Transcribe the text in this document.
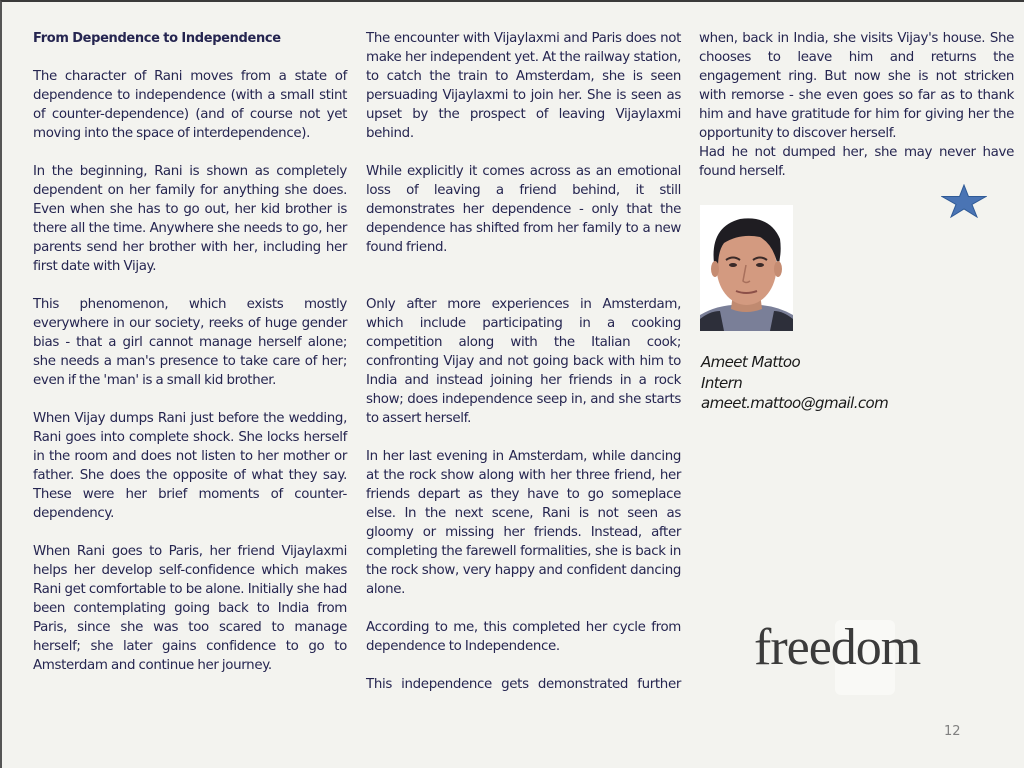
From Dependence to Independence

The character of Rani moves from a state of dependence to independence (with a small stint of counter-dependence) (and of course not yet moving into the space of interdependence).

In the beginning, Rani is shown as completely dependent on her family for anything she does. Even when she has to go out, her kid brother is there all the time. Anywhere she needs to go, her parents send her brother with her, including her first date with Vijay.

This phenomenon, which exists mostly everywhere in our society, reeks of huge gender bias - that a girl cannot manage herself alone; she needs a man's presence to take care of her; even if the 'man' is a small kid brother.

When Vijay dumps Rani just before the wedding, Rani goes into complete shock. She locks herself in the room and does not listen to her mother or father. She does the opposite of what they say. These were her brief moments of counter-dependency.

When Rani goes to Paris, her friend Vijaylaxmi helps her develop self-confidence which makes Rani get comfortable to be alone. Initially she had been contemplating going back to India from Paris, since she was too scared to manage herself; she later gains confidence to go to Amsterdam and continue her journey.

The encounter with Vijaylaxmi and Paris does not make her independent yet. At the railway station, to catch the train to Amsterdam, she is seen persuading Vijaylaxmi to join her. She is seen as upset by the prospect of leaving Vijaylaxmi behind.

While explicitly it comes across as an emotional loss of leaving a friend behind, it still demonstrates her dependence - only that the dependence has shifted from her family to a new found friend.

Only after more experiences in Amsterdam, which include participating in a cooking competition along with the Italian cook; confronting Vijay and not going back with him to India and instead joining her friends in a rock show; does independence seep in, and she starts to assert herself.

In her last evening in Amsterdam, while dancing at the rock show along with her three friend, her friends depart as they have to go someplace else. In the next scene, Rani is not seen as gloomy or missing her friends. Instead, after completing the farewell formalities, she is back in the rock show, very happy and confident dancing alone.

According to me, this completed her cycle from dependence to Independence.

This independence gets demonstrated further

when, back in India, she visits Vijay's house. She chooses to leave him and returns the engagement ring. But now she is not stricken with remorse - she even goes so far as to thank him and have gratitude for him for giving her the opportunity to discover herself.

Had he not dumped her, she may never have found herself.

Ameet Mattoo
Intern
ameet.mattoo@gmail.com
freedom
12
